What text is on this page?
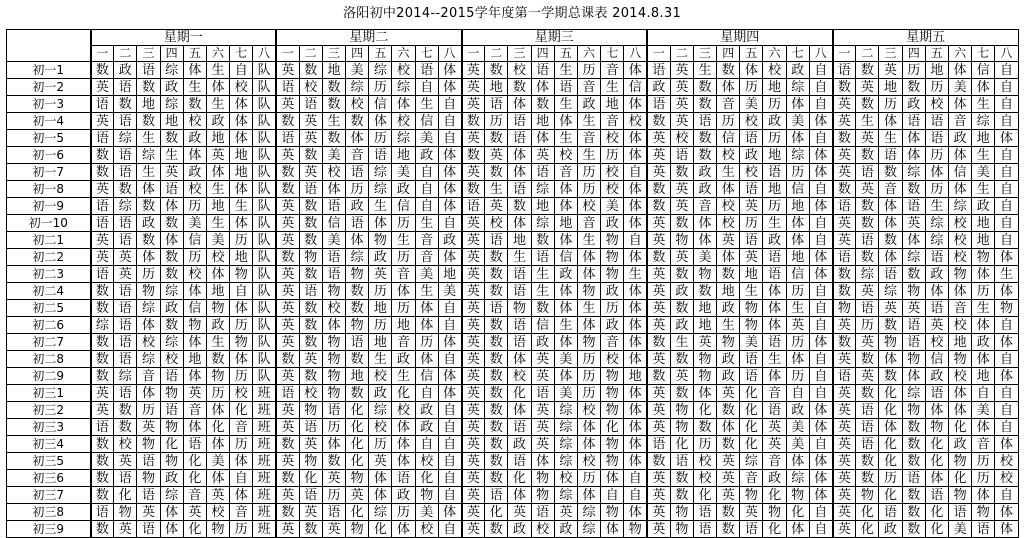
洛阳初中2014--2015学年度第一学期总课表 2014.8.31
	星期一								星期二								星期三								星期四								星期五							
	一	二	三	四	五	六	七	八	一	二	三	四	五	六	七	八	一	二	三	四	五	六	七	八	一	二	三	四	五	六	七	八	一	二	三	四	五	六	七	八
初一1	数	政	语	综	体	生	自	队	英	数	地	美	综	校	语	体	英	数	校	语	生	历	音	体	语	英	生	数	体	校	政	自	语	数	英	历	地	体	信	自
初一2	英	语	数	政	生	体	校	队	语	校	数	综	历	综	自	体	英	地	数	体	语	音	生	信	政	英	数	体	历	地	综	自	数	英	地	数	历	美	体	自
初一3	语	数	地	综	数	生	体	队	英	语	数	校	信	体	生	自	英	语	体	数	生	政	地	体	语	英	数	音	美	历	体	自	英	数	历	政	校	体	生	自
初一4	英	语	数	地	校	政	体	队	数	英	生	数	体	校	信	自	数	历	语	地	体	生	音	校	数	英	语	历	校	政	美	体	英	生	体	语	语	音	综	自
初一5	语	综	生	数	政	地	体	队	语	英	数	体	历	综	美	自	英	数	语	体	生	音	校	体	英	校	数	信	语	历	体	自	数	英	生	体	语	政	地	体
初一6	数	语	综	生	体	英	地	队	英	数	美	音	语	地	政	体	数	英	体	英	校	生	历	体	英	语	数	校	政	地	综	体	英	数	语	体	历	体	生	自
初一7	数	语	生	英	政	体	地	队	数	英	校	语	综	美	自	体	英	数	体	语	音	历	校	自	英	数	政	生	校	语	历	体	英	语	数	综	体	信	美	自
初一8	英	数	体	语	校	生	体	队	数	语	体	历	综	政	自	体	数	生	语	综	体	历	校	体	数	英	政	体	语	地	信	自	数	英	音	数	历	体	生	自
初一9	语	综	数	体	历	地	生	队	英	数	语	政	生	信	自	体	语	英	数	地	体	校	美	体	数	英	音	校	英	历	地	体	语	数	体	语	生	综	政	自
初一10	语	语	政	数	美	生	体	队	英	数	信	语	体	历	生	自	英	校	体	综	地	音	政	体	英	数	体	校	历	生	体	自	英	数	体	英	综	校	地	自
初二1	英	语	数	体	信	美	历	队	英	数	美	体	物	生	音	政	英	语	地	数	体	生	物	自	英	物	体	英	语	政	体	自	英	语	数	体	综	校	地	自
初二2	英	英	体	数	历	校	地	队	数	物	语	综	政	历	音	体	英	数	生	语	信	体	物	体	数	英	美	体	英	语	地	体	语	数	体	综	语	校	物	体
初二3	语	英	历	数	校	体	物	队	英	数	语	物	英	音	美	地	英	数	语	生	政	体	物	生	英	数	物	数	地	语	信	体	数	综	语	数	政	物	体	生
初二4	数	语	物	综	体	地	自	队	英	语	物	数	历	体	生	美	英	数	语	生	体	物	政	体	英	政	数	地	生	体	历	自	数	英	综	物	体	体	历	体
初二5	数	语	综	政	信	物	体	队	英	数	校	数	地	历	体	自	英	语	物	数	体	生	历	体	英	数	地	政	物	体	生	自	物	语	英	英	语	音	生	物
初二6	综	语	体	数	物	政	历	队	英	数	体	物	历	地	体	自	英	数	语	信	生	体	政	体	英	政	地	生	物	体	英	自	英	历	数	语	英	校	体	自
初二7	数	语	校	综	体	生	物	队	英	数	物	语	地	音	历	体	英	数	语	政	体	物	音	体	数	生	英	物	美	语	历	体	数	英	物	语	校	地	政	体
初二8	数	语	综	校	地	数	体	队	数	英	物	数	生	政	体	自	英	数	体	英	美	历	校	体	英	数	物	政	语	生	体	自	英	数	体	物	信	物	体	自
初二9	数	综	音	语	体	物	历	队	英	数	物	地	校	生	信	体	英	数	校	英	体	历	物	地	数	英	物	政	语	体	历	自	语	英	数	体	政	校	地	体
初三1	英	语	体	物	英	历	校	班	语	校	物	数	政	化	自	体	英	数	化	语	美	历	物	体	英	数	体	英	化	音	自	自	英	数	化	综	语	体	自	自
初三2	英	数	历	语	音	体	化	班	英	物	语	化	综	校	政	自	英	数	体	英	综	校	物	体	英	物	化	数	化	语	政	体	英	语	化	物	体	体	美	自
初三3	语	数	英	物	体	化	音	班	英	语	历	化	校	体	政	自	英	数	语	英	综	体	化	体	英	物	数	体	化	英	美	体	英	语	体	数	物	化	体	自
初三4	数	校	物	化	语	体	历	班	数	英	体	化	历	体	自	自	英	数	政	英	综	体	物	体	语	化	历	数	化	英	美	自	英	语	化	数	化	政	音	体
初三5	数	英	语	物	化	美	体	班	英	物	数	化	英	体	校	自	英	数	语	体	综	校	物	体	数	语	校	英	综	音	体	体	英	数	化	数	化	物	历	校
初三6	数	语	物	政	化	体	自	班	数	化	英	物	体	语	化	自	英	数	化	物	校	历	体	自	英	数	校	英	音	政	综	体	英	数	历	语	体	化	历	校
初三7	数	化	语	综	音	英	体	班	英	语	历	英	体	政	物	自	英	语	体	物	综	体	自	自	英	数	化	英	物	化	物	体	英	物	化	数	语	物	体	自
初三8	语	物	英	体	英	校	音	班	数	英	语	化	综	历	美	体	英	化	英	语	英	综	物	体	英	物	语	数	英	物	化	自	英	化	语	数	化	语	物	体
初三9	数	英	语	体	化	物	历	班	英	数	英	物	化	体	校	自	英	数	政	校	政	综	体	物	英	物	语	数	语	化	体	自	英	化	政	数	化	美	语	体
